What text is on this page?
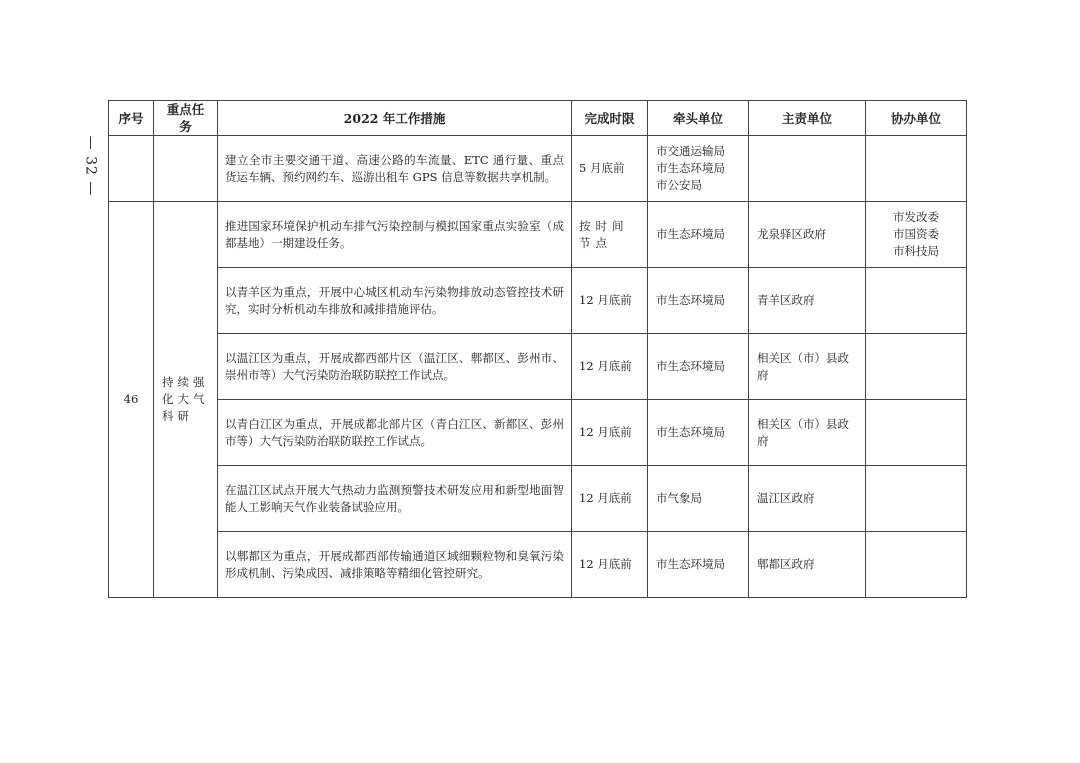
— 32 —
序号	重点任务	2022 年工作措施	完成时限	牵头单位	主责单位	协办单位
		建立全市主要交通干道、高速公路的车流量、ETC 通行量、重点货运车辆、预约网约车、巡游出租车 GPS 信息等数据共享机制。	5 月底前	市交通运输局
市生态环境局
市公安局		

46	持续强化大气科研	推进国家环境保护机动车排气污染控制与模拟国家重点实验室（成都基地）一期建设任务。	按时间节点	市生态环境局	龙泉驿区政府	市发改委
市国资委
市科技局

		以青羊区为重点，开展中心城区机动车污染物排放动态管控技术研究，实时分析机动车排放和减排措施评估。	12 月底前	市生态环境局	青羊区政府	
		以温江区为重点，开展成都西部片区（温江区、郫都区、彭州市、崇州市等）大气污染防治联防联控工作试点。	12 月底前	市生态环境局	相关区（市）县政府	
		以青白江区为重点，开展成都北部片区（青白江区、新都区、彭州市等）大气污染防治联防联控工作试点。	12 月底前	市生态环境局	相关区（市）县政府	
		在温江区试点开展大气热动力监测预警技术研发应用和新型地面智能人工影响天气作业装备试验应用。	12 月底前	市气象局	温江区政府	
		以郫都区为重点，开展成都西部传输通道区域细颗粒物和臭氧污染形成机制、污染成因、减排策略等精细化管控研究。	12 月底前	市生态环境局	郫都区政府	
